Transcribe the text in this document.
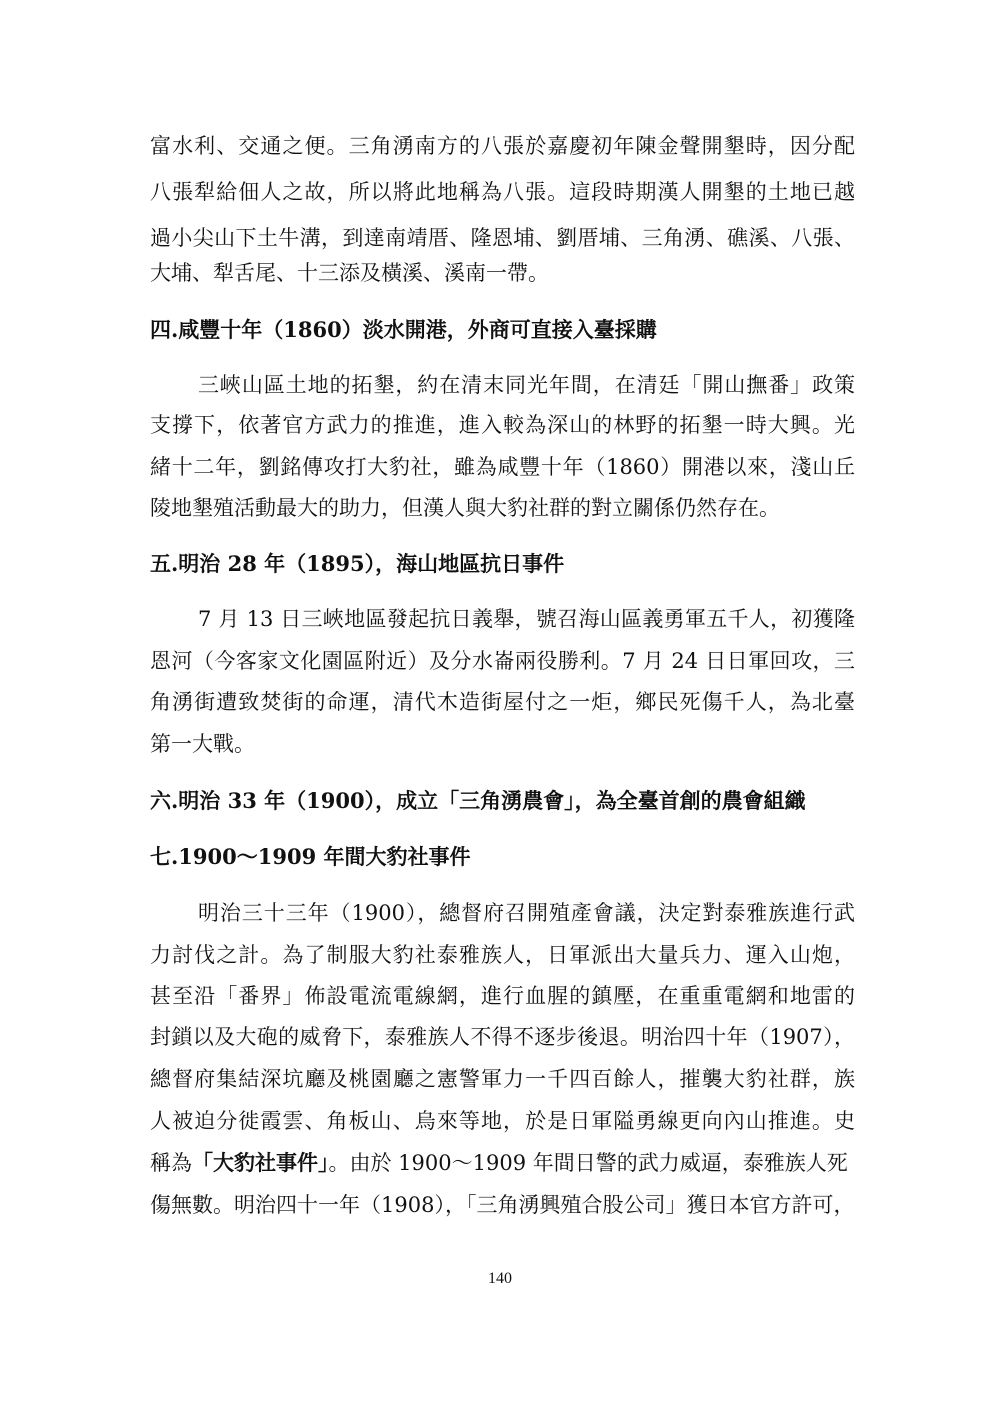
富水利、交通之便。三角湧南方的八張於嘉慶初年陳金聲開墾時，因分配
八張犁給佃人之故，所以將此地稱為八張。這段時期漢人開墾的土地已越
過小尖山下土牛溝，到達南靖厝、隆恩埔、劉厝埔、三角湧、礁溪、八張、
大埔、犁舌尾、十三添及橫溪、溪南一帶。
四.咸豐十年（1860）淡水開港，外商可直接入臺採購
三峽山區土地的拓墾，約在清末同光年間，在清廷「開山撫番」政策
支撐下，依著官方武力的推進，進入較為深山的林野的拓墾一時大興。光
緒十二年，劉銘傳攻打大豹社，雖為咸豐十年（1860）開港以來，淺山丘
陵地墾殖活動最大的助力，但漢人與大豹社群的對立關係仍然存在。
五.明治 28 年（1895），海山地區抗日事件
7 月 13 日三峽地區發起抗日義舉，號召海山區義勇軍五千人，初獲隆
恩河（今客家文化園區附近）及分水崙兩役勝利。7 月 24 日日軍回攻，三
角湧街遭致焚街的命運，清代木造街屋付之一炬，鄉民死傷千人，為北臺
第一大戰。
六.明治 33 年（1900），成立「三角湧農會」，為全臺首創的農會組織
七.1900～1909 年間大豹社事件
明治三十三年（1900），總督府召開殖產會議，決定對泰雅族進行武
力討伐之計。為了制服大豹社泰雅族人，日軍派出大量兵力、運入山炮，
甚至沿「番界」佈設電流電線網，進行血腥的鎮壓，在重重電網和地雷的
封鎖以及大砲的威脅下，泰雅族人不得不逐步後退。明治四十年（1907），
總督府集結深坑廳及桃園廳之憲警軍力一千四百餘人，摧襲大豹社群，族
人被迫分徙霞雲、角板山、烏來等地，於是日軍隘勇線更向內山推進。史
稱為「大豹社事件」。由於 1900～1909 年間日警的武力威逼，泰雅族人死
傷無數。明治四十一年（1908），「三角湧興殖合股公司」獲日本官方許可，
140
